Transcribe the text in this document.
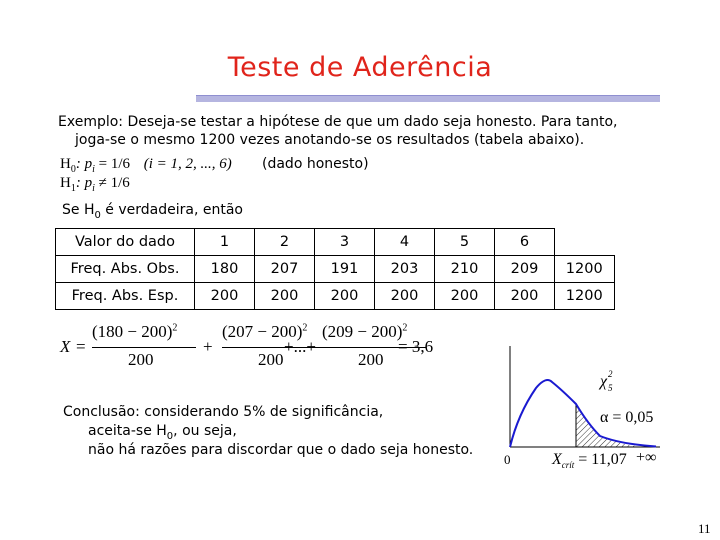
Teste de Aderência
Exemplo: Deseja-se testar a hipótese de que um dado seja honesto. Para tanto,
joga-se o mesmo 1200 vezes anotando-se os resultados (tabela abaixo).
$H_0$: $p_i = 1/6$ (i = 1, 2, ..., 6) (dado honesto)
$H_1$: $p_i \ne 1/6$
Se $H_0$ é verdadeira, então
Valor do dado	1	2	3	4	5	6	
Freq. Abs. Obs.	180	207	191	203	210	209	1200
Freq. Abs. Esp.	200	200	200	200	200	200	1200
X =
$(180 - 200)^2$
200
+
$(207 - 200)^2$
200
+...+
$(209 - 200)^2$
200
= 3,6
Conclusão: considerando 5% de significância,
aceita-se $H_0$, ou seja,
não há razões para discordar que o dado seja honesto.
χ 2
5
α = 0,05
0	$X_{crít} = 11,07$ +∞
11
